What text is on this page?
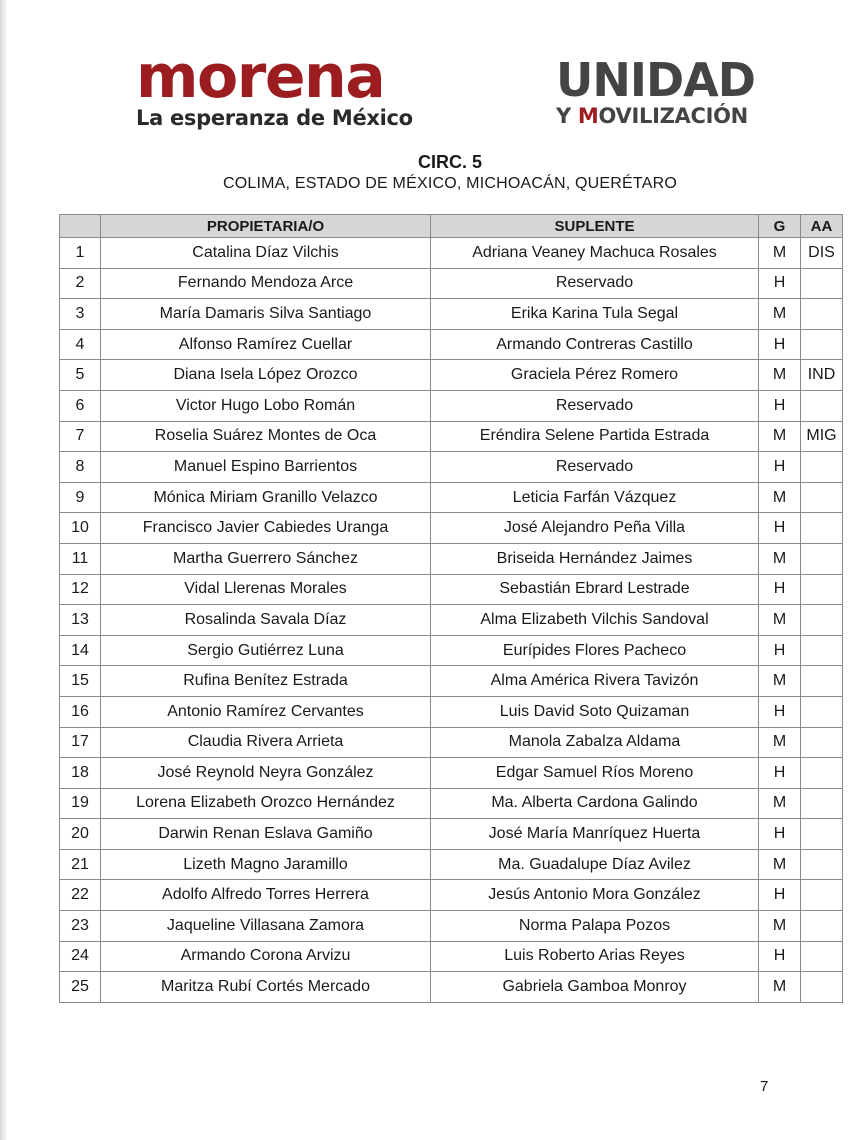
morena
La esperanza de México
UNIDAD
Y MOVILIZACIÓN
CIRC. 5
COLIMA, ESTADO DE MÉXICO, MICHOACÁN, QUERÉTARO
	PROPIETARIA/O	SUPLENTE	G	AA
1	Catalina Díaz Vilchis	Adriana Veaney Machuca Rosales	M	DIS
2	Fernando Mendoza Arce	Reservado	H	
3	María Damaris Silva Santiago	Erika Karina Tula Segal	M	
4	Alfonso Ramírez Cuellar	Armando Contreras Castillo	H	
5	Diana Isela López Orozco	Graciela Pérez Romero	M	IND
6	Victor Hugo Lobo Román	Reservado	H	
7	Roselia Suárez Montes de Oca	Eréndira Selene Partida Estrada	M	MIG
8	Manuel Espino Barrientos	Reservado	H	
9	Mónica Miriam Granillo Velazco	Leticia Farfán Vázquez	M	
10	Francisco Javier Cabiedes Uranga	José Alejandro Peña Villa	H	
11	Martha Guerrero Sánchez	Briseida Hernández Jaimes	M	
12	Vidal Llerenas Morales	Sebastián Ebrard Lestrade	H	
13	Rosalinda Savala Díaz	Alma Elizabeth Vilchis Sandoval	M	
14	Sergio Gutiérrez Luna	Eurípides Flores Pacheco	H	
15	Rufina Benítez Estrada	Alma América Rivera Tavizón	M	
16	Antonio Ramírez Cervantes	Luis David Soto Quizaman	H	
17	Claudia Rivera Arrieta	Manola Zabalza Aldama	M	
18	José Reynold Neyra González	Edgar Samuel Ríos Moreno	H	
19	Lorena Elizabeth Orozco Hernández	Ma. Alberta Cardona Galindo	M	
20	Darwin Renan Eslava Gamiño	José María Manríquez Huerta	H	
21	Lizeth Magno Jaramillo	Ma. Guadalupe Díaz Avilez	M	
22	Adolfo Alfredo Torres Herrera	Jesús Antonio Mora González	H	
23	Jaqueline Villasana Zamora	Norma Palapa Pozos	M	
24	Armando Corona Arvizu	Luis Roberto Arias Reyes	H	
25	Maritza Rubí Cortés Mercado	Gabriela Gamboa Monroy	M	
7
